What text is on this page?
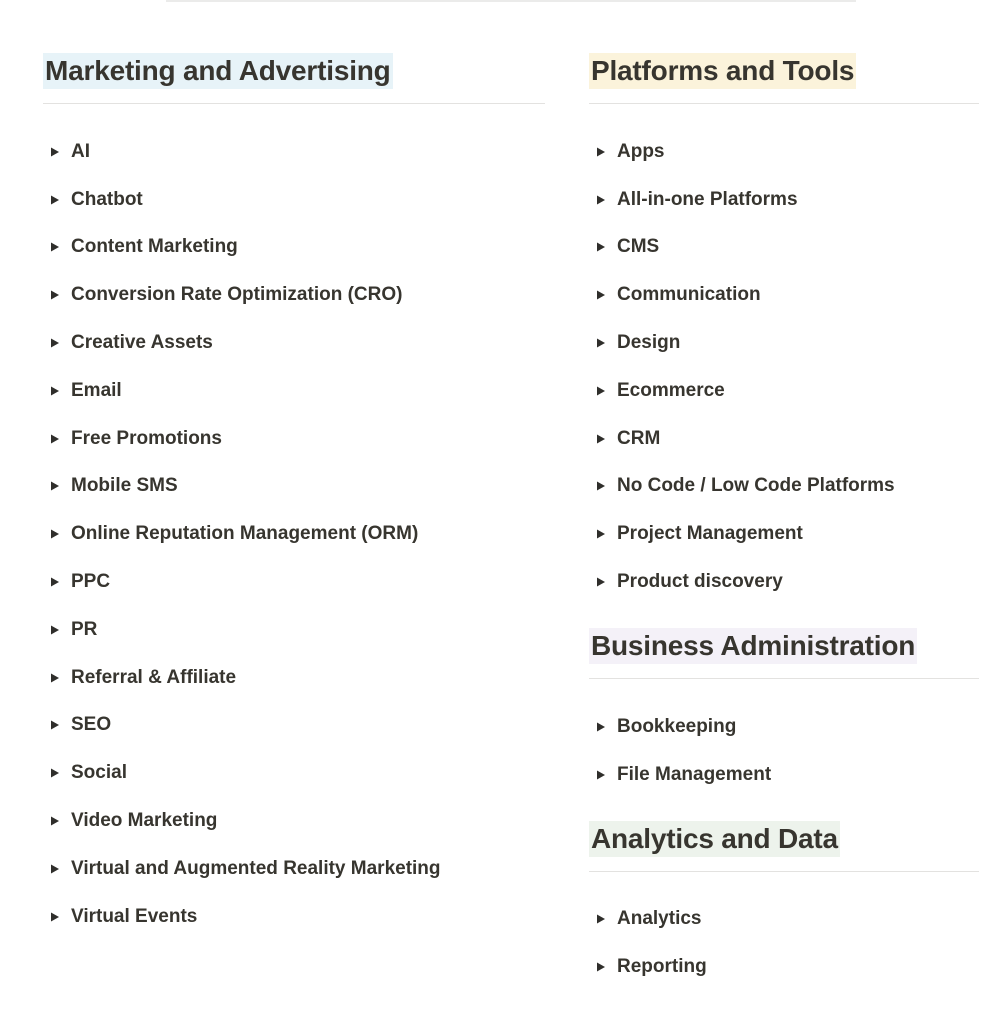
Marketing and Advertising
AI
Chatbot
Content Marketing
Conversion Rate Optimization (CRO)
Creative Assets
Email
Free Promotions
Mobile SMS
Online Reputation Management (ORM)
PPC
PR
Referral & Affiliate
SEO
Social
Video Marketing
Virtual and Augmented Reality Marketing
Virtual Events
Platforms and Tools
Apps
All-in-one Platforms
CMS
Communication
Design
Ecommerce
CRM
No Code / Low Code Platforms
Project Management
Product discovery
Business Administration
Bookkeeping
File Management
Analytics and Data
Analytics
Reporting
